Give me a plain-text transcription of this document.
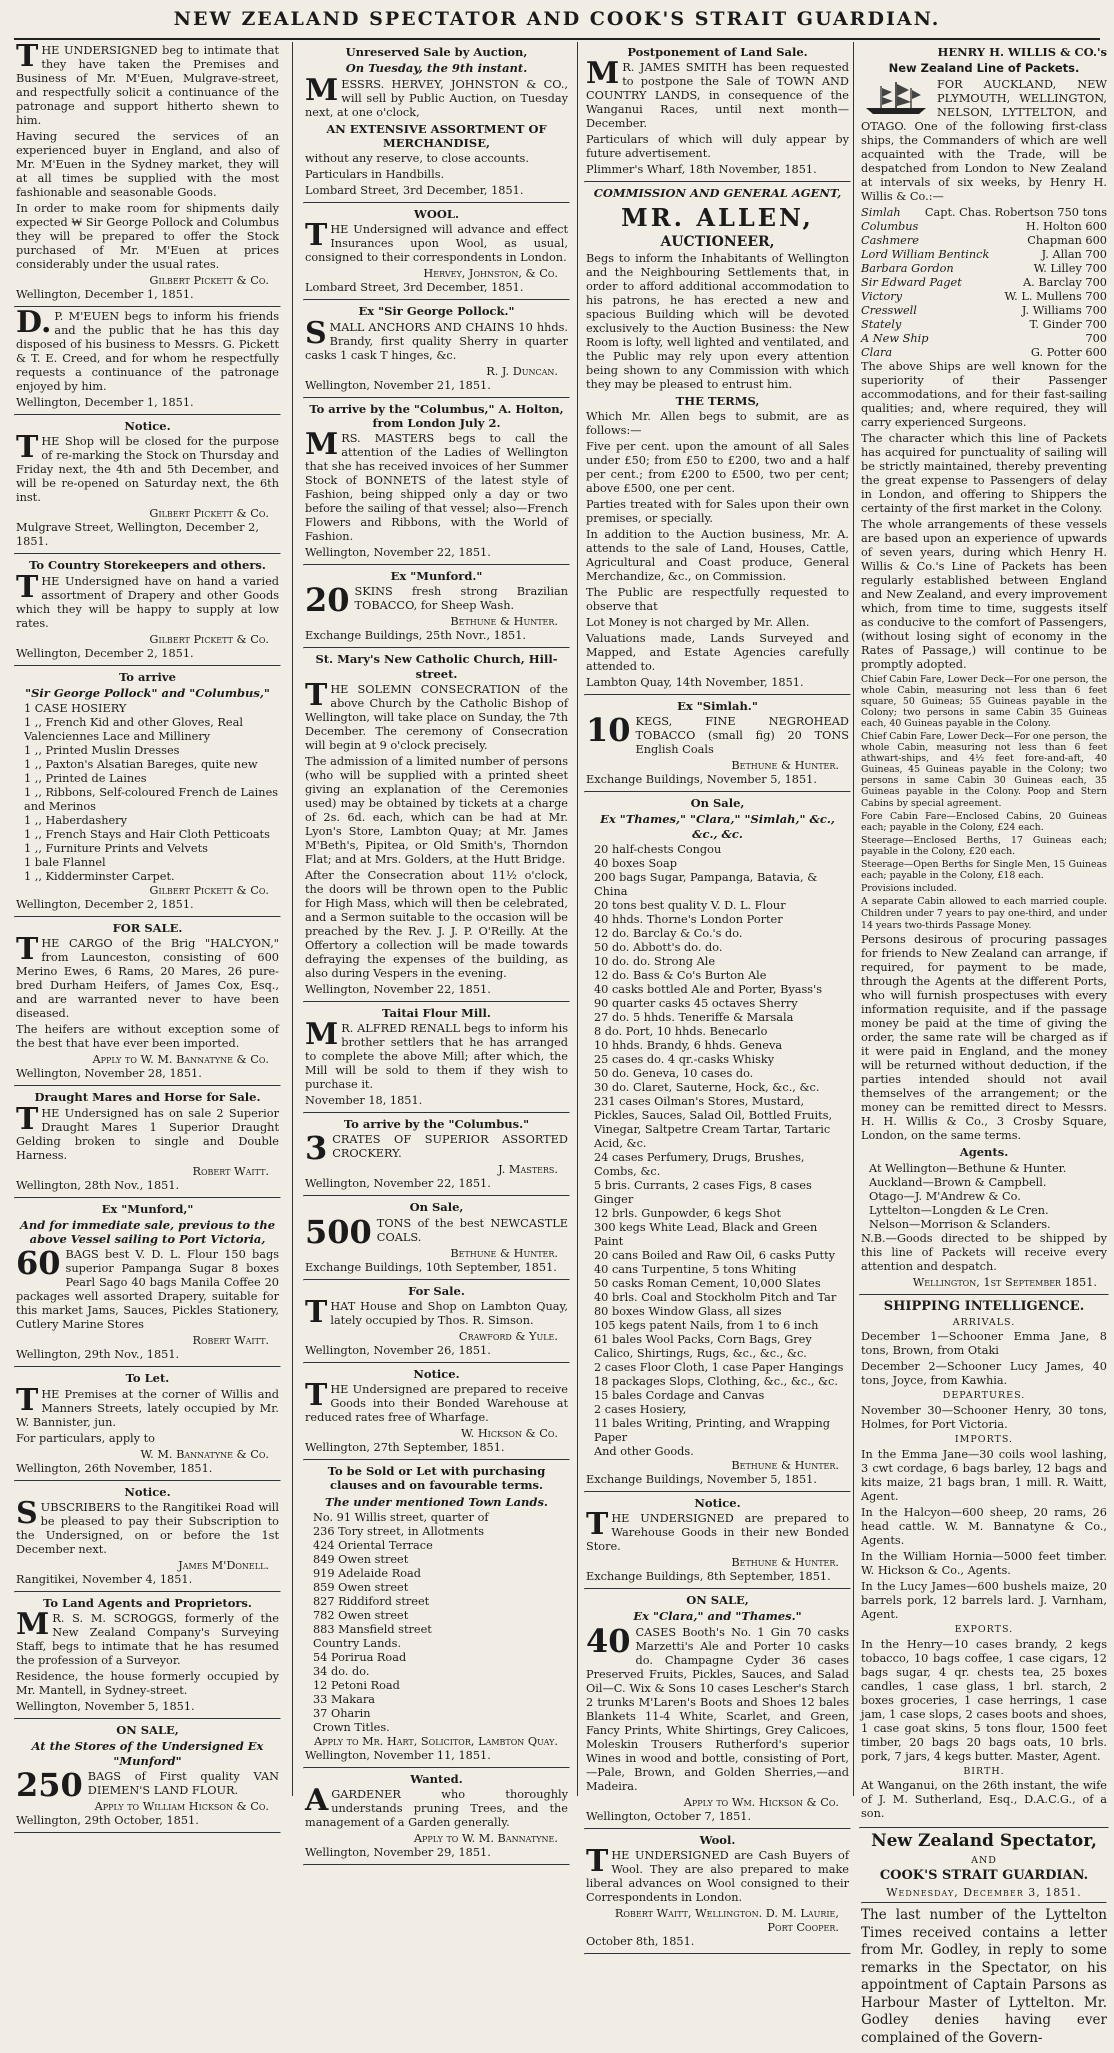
NEW ZEALAND SPECTATOR AND COOK'S STRAIT GUARDIAN.
THE UNDERSIGNED beg to intimate that they have taken the Premises and Business of Mr. M'Euen, Mulgrave-street, and respectfully solicit a continuance of the patronage and support hitherto shewn to him.
Having secured the services of an experienced buyer in England, and also of Mr. M'Euen in the Sydney market, they will at all times be supplied with the most fashionable and seasonable Goods.
In order to make room for shipments daily expected ₩ Sir George Pollock and Columbus they will be prepared to offer the Stock purchased of Mr. M'Euen at prices considerably under the usual rates.
Gilbert Pickett & Co.
Wellington, December 1, 1851.
D. P. M'EUEN begs to inform his friends and the public that he has this day disposed of his business to Messrs. G. Pickett & T. E. Creed, and for whom he respectfully requests a continuance of the patronage enjoyed by him.
Wellington, December 1, 1851.
Notice.
THE Shop will be closed for the purpose of re-marking the Stock on Thursday and Friday next, the 4th and 5th December, and will be re-opened on Saturday next, the 6th inst.
Gilbert Pickett & Co.
Mulgrave Street, Wellington, December 2, 1851.
To Country Storekeepers and others.
THE Undersigned have on hand a varied assortment of Drapery and other Goods which they will be happy to supply at low rates.
Gilbert Pickett & Co.
Wellington, December 2, 1851.
To arrive
"Sir George Pollock" and "Columbus,"
1 CASE HOSIERY
1 ,, French Kid and other Gloves, Real Valenciennes Lace and Millinery
1 ,, Printed Muslin Dresses
1 ,, Paxton's Alsatian Bareges, quite new
1 ,, Printed de Laines
1 ,, Ribbons, Self-coloured French de Laines and Merinos
1 ,, Haberdashery
1 ,, French Stays and Hair Cloth Petticoats
1 ,, Furniture Prints and Velvets
1 bale Flannel
1 ,, Kidderminster Carpet.
Gilbert Pickett & Co.
Wellington, December 2, 1851.
FOR SALE.
THE CARGO of the Brig "HALCYON," from Launceston, consisting of 600 Merino Ewes, 6 Rams, 20 Mares, 26 pure-bred Durham Heifers, of James Cox, Esq., and are warranted never to have been diseased.
The heifers are without exception some of the best that have ever been imported.
Apply to W. M. Bannatyne & Co.
Wellington, November 28, 1851.
Draught Mares and Horse for Sale.
THE Undersigned has on sale 2 Superior Draught Mares 1 Superior Draught Gelding broken to single and Double Harness.
Robert Waitt.
Wellington, 28th Nov., 1851.
Ex "Munford,"
And for immediate sale, previous to the above Vessel sailing to Port Victoria,
60 BAGS best V. D. L. Flour 150 bags superior Pampanga Sugar 8 boxes Pearl Sago 40 bags Manila Coffee 20 packages well assorted Drapery, suitable for this market Jams, Sauces, Pickles Stationery, Cutlery Marine Stores
Robert Waitt.
Wellington, 29th Nov., 1851.
To Let.
THE Premises at the corner of Willis and Manners Streets, lately occupied by Mr. W. Bannister, jun.
For particulars, apply to
W. M. Bannatyne & Co.
Wellington, 26th November, 1851.
Notice.
SUBSCRIBERS to the Rangitikei Road will be pleased to pay their Subscription to the Undersigned, on or before the 1st December next.
James M'Donell.
Rangitikei, November 4, 1851.
To Land Agents and Proprietors.
M R. S. M. SCROGGS, formerly of the New Zealand Company's Surveying Staff, begs to intimate that he has resumed the profession of a Surveyor.
Residence, the house formerly occupied by Mr. Mantell, in Sydney-street.
Wellington, November 5, 1851.
ON SALE,
At the Stores of the Undersigned Ex "Munford"
250 BAGS of First quality VAN DIEMEN'S LAND FLOUR.
Apply to William Hickson & Co.
Wellington, 29th October, 1851.
Unreserved Sale by Auction,
On Tuesday, the 9th instant.
MESSRS. HERVEY, JOHNSTON & CO., will sell by Public Auction, on Tuesday next, at one o'clock,
AN EXTENSIVE ASSORTMENT OF MERCHANDISE,
without any reserve, to close accounts.
Particulars in Handbills.
Lombard Street, 3rd December, 1851.
WOOL.
THE Undersigned will advance and effect Insurances upon Wool, as usual, consigned to their correspondents in London.
Hervey, Johnston, & Co.
Lombard Street, 3rd December, 1851.
Ex "Sir George Pollock."
SMALL ANCHORS AND CHAINS 10 hhds. Brandy, first quality Sherry in quarter casks 1 cask T hinges, &c.
R. J. Duncan.
Wellington, November 21, 1851.
To arrive by the "Columbus," A. Holton, from London July 2.
MRS. MASTERS begs to call the attention of the Ladies of Wellington that she has received invoices of her Summer Stock of BONNETS of the latest style of Fashion, being shipped only a day or two before the sailing of that vessel; also—French Flowers and Ribbons, with the World of Fashion.
Wellington, November 22, 1851.
Ex "Munford."
20 SKINS fresh strong Brazilian TOBACCO, for Sheep Wash.
Bethune & Hunter.
Exchange Buildings, 25th Novr., 1851.
St. Mary's New Catholic Church, Hill-street.
THE SOLEMN CONSECRATION of the above Church by the Catholic Bishop of Wellington, will take place on Sunday, the 7th December. The ceremony of Consecration will begin at 9 o'clock precisely.
The admission of a limited number of persons (who will be supplied with a printed sheet giving an explanation of the Ceremonies used) may be obtained by tickets at a charge of 2s. 6d. each, which can be had at Mr. Lyon's Store, Lambton Quay; at Mr. James M'Beth's, Pipitea, or Old Smith's, Thorndon Flat; and at Mrs. Golders, at the Hutt Bridge.
After the Consecration about 11½ o'clock, the doors will be thrown open to the Public for High Mass, which will then be celebrated, and a Sermon suitable to the occasion will be preached by the Rev. J. J. P. O'Reilly. At the Offertory a collection will be made towards defraying the expenses of the building, as also during Vespers in the evening.
Wellington, November 22, 1851.
Taitai Flour Mill.
M R. ALFRED RENALL begs to inform his brother settlers that he has arranged to complete the above Mill; after which, the Mill will be sold to them if they wish to purchase it.
November 18, 1851.
To arrive by the "Columbus."
3 CRATES OF SUPERIOR ASSORTED CROCKERY.
J. Masters.
Wellington, November 22, 1851.
On Sale,
500 TONS of the best NEWCASTLE COALS.
Bethune & Hunter.
Exchange Buildings, 10th September, 1851.
For Sale.
THAT House and Shop on Lambton Quay, lately occupied by Thos. R. Simson.
Crawford & Yule.
Wellington, November 26, 1851.
Notice.
THE Undersigned are prepared to receive Goods into their Bonded Warehouse at reduced rates free of Wharfage.
W. Hickson & Co.
Wellington, 27th September, 1851.
To be Sold or Let with purchasing clauses and on favourable terms.
The under mentioned Town Lands.
No. 91 Willis street, quarter of
236 Tory street, in Allotments
424 Oriental Terrace
849 Owen street
919 Adelaide Road
859 Owen street
827 Riddiford street
782 Owen street
883 Mansfield street
Country Lands.
54 Porirua Road
34 do. do.
12 Petoni Road
33 Makara
37 Oharin
Crown Titles.
Apply to Mr. Hart, Solicitor, Lambton Quay.
Wellington, November 11, 1851.
Wanted.
AGARDENER who thoroughly understands pruning Trees, and the management of a Garden generally.
Apply to W. M. Bannatyne.
Wellington, November 29, 1851.
Postponement of Land Sale.
M R. JAMES SMITH has been requested to postpone the Sale of TOWN AND COUNTRY LANDS, in consequence of the Wanganui Races, until next month—December.
Particulars of which will duly appear by future advertisement.
Plimmer's Wharf, 18th November, 1851.
COMMISSION AND GENERAL AGENT,
MR. ALLEN,
AUCTIONEER,
Begs to inform the Inhabitants of Wellington and the Neighbouring Settlements that, in order to afford additional accommodation to his patrons, he has erected a new and spacious Building which will be devoted exclusively to the Auction Business: the New Room is lofty, well lighted and ventilated, and the Public may rely upon every attention being shown to any Commission with which they may be pleased to entrust him.
THE TERMS,
Which Mr. Allen begs to submit, are as follows:—
Five per cent. upon the amount of all Sales under £50; from £50 to £200, two and a half per cent.; from £200 to £500, two per cent; above £500, one per cent.
Parties treated with for Sales upon their own premises, or specially.
In addition to the Auction business, Mr. A. attends to the sale of Land, Houses, Cattle, Agricultural and Coast produce, General Merchandize, &c., on Commission.
The Public are respectfully requested to observe that
Lot Money is not charged by Mr. Allen.
Valuations made, Lands Surveyed and Mapped, and Estate Agencies carefully attended to.
Lambton Quay, 14th November, 1851.
Ex "Simlah."
10 KEGS, FINE NEGROHEAD TOBACCO (small fig) 20 TONS English Coals
Bethune & Hunter.
Exchange Buildings, November 5, 1851.
On Sale,
Ex "Thames," "Clara," "Simlah," &c., &c., &c.
20 half-chests Congou
40 boxes Soap
200 bags Sugar, Pampanga, Batavia, & China
20 tons best quality V. D. L. Flour
40 hhds. Thorne's London Porter
12 do. Barclay & Co.'s do.
50 do. Abbott's do. do.
10 do. do. Strong Ale
12 do. Bass & Co's Burton Ale
40 casks bottled Ale and Porter, Byass's
90 quarter casks 45 octaves Sherry
27 do. 5 hhds. Teneriffe & Marsala
8 do. Port, 10 hhds. Benecarlo
10 hhds. Brandy, 6 hhds. Geneva
25 cases do. 4 qr.-casks Whisky
50 do. Geneva, 10 cases do.
30 do. Claret, Sauterne, Hock, &c., &c.
231 cases Oilman's Stores, Mustard, Pickles, Sauces, Salad Oil, Bottled Fruits, Vinegar, Saltpetre Cream Tartar, Tartaric Acid, &c.
24 cases Perfumery, Drugs, Brushes, Combs, &c.
5 bris. Currants, 2 cases Figs, 8 cases Ginger
12 brls. Gunpowder, 6 kegs Shot
300 kegs White Lead, Black and Green Paint
20 cans Boiled and Raw Oil, 6 casks Putty
40 cans Turpentine, 5 tons Whiting
50 casks Roman Cement, 10,000 Slates
40 brls. Coal and Stockholm Pitch and Tar
80 boxes Window Glass, all sizes
105 kegs patent Nails, from 1 to 6 inch
61 bales Wool Packs, Corn Bags, Grey Calico, Shirtings, Rugs, &c., &c., &c.
2 cases Floor Cloth, 1 case Paper Hangings
18 packages Slops, Clothing, &c., &c., &c.
15 bales Cordage and Canvas
2 cases Hosiery,
11 bales Writing, Printing, and Wrapping Paper
And other Goods.
Bethune & Hunter.
Exchange Buildings, November 5, 1851.
Notice.
THE UNDERSIGNED are prepared to Warehouse Goods in their new Bonded Store.
Bethune & Hunter.
Exchange Buildings, 8th September, 1851.
ON SALE,
Ex "Clara," and "Thames."
40 CASES Booth's No. 1 Gin 70 casks Marzetti's Ale and Porter 10 casks do. Champagne Cyder 36 cases Preserved Fruits, Pickles, Sauces, and Salad Oil—C. Wix & Sons 10 cases Lescher's Starch 2 trunks M'Laren's Boots and Shoes 12 bales Blankets 11-4 White, Scarlet, and Green, Fancy Prints, White Shirtings, Grey Calicoes, Moleskin Trousers Rutherford's superior Wines in wood and bottle, consisting of Port,—Pale, Brown, and Golden Sherries,—and Madeira.
Apply to Wm. Hickson & Co.
Wellington, October 7, 1851.
Wool.
THE UNDERSIGNED are Cash Buyers of Wool. They are also prepared to make liberal advances on Wool consigned to their Correspondents in London.
Robert Waitt, Wellington. D. M. Laurie, Port Cooper.
October 8th, 1851.
HENRY H. WILLIS & CO.'s
New Zealand Line of Packets.
FOR AUCKLAND, NEW PLYMOUTH, WELLINGTON, NELSON, LYTTELTON, and OTAGO. One of the following first-class ships, the Commanders of which are well acquainted with the Trade, will be despatched from London to New Zealand at intervals of six weeks, by Henry H. Willis & Co.:—
Simlah Capt. Chas. Robertson 750 tons
Columbus	H. Holton 600
Cashmere	Chapman 600
Lord William Bentinck	J. Allan 700
Barbara Gordon	W. Lilley 700
Sir Edward Paget	A. Barclay 700
Victory	W. L. Mullens 700
Cresswell	J. Williams 700
Stately	T. Ginder 700
A New Ship	700
Clara	G. Potter 600
The above Ships are well known for the superiority of their Passenger accommodations, and for their fast-sailing qualities; and, where required, they will carry experienced Surgeons.
The character which this line of Packets has acquired for punctuality of sailing will be strictly maintained, thereby preventing the great expense to Passengers of delay in London, and offering to Shippers the certainty of the first market in the Colony.
The whole arrangements of these vessels are based upon an experience of upwards of seven years, during which Henry H. Willis & Co.'s Line of Packets has been regularly established between England and New Zealand, and every improvement which, from time to time, suggests itself as conducive to the comfort of Passengers, (without losing sight of economy in the Rates of Passage,) will continue to be promptly adopted.
Chief Cabin Fare, Lower Deck—For one person, the whole Cabin, measuring not less than 6 feet square, 50 Guineas; 55 Guineas payable in the Colony; two persons in same Cabin 35 Guineas each, 40 Guineas payable in the Colony.
Chief Cabin Fare, Lower Deck—For one person, the whole Cabin, measuring not less than 6 feet athwart-ships, and 4½ feet fore-and-aft, 40 Guineas, 45 Guineas payable in the Colony; two persons in same Cabin 30 Guineas each, 35 Guineas payable in the Colony. Poop and Stern Cabins by special agreement.
Fore Cabin Fare—Enclosed Cabins, 20 Guineas each; payable in the Colony, £24 each.
Steerage—Enclosed Berths, 17 Guineas each; payable in the Colony, £20 each.
Steerage—Open Berths for Single Men, 15 Guineas each; payable in the Colony, £18 each.
Provisions included.
A separate Cabin allowed to each married couple. Children under 7 years to pay one-third, and under 14 years two-thirds Passage Money.
Persons desirous of procuring passages for friends to New Zealand can arrange, if required, for payment to be made, through the Agents at the different Ports, who will furnish prospectuses with every information requisite, and if the passage money be paid at the time of giving the order, the same rate will be charged as if it were paid in England, and the money will be returned without deduction, if the parties intended should not avail themselves of the arrangement; or the money can be remitted direct to Messrs. H. H. Willis & Co., 3 Crosby Square, London, on the same terms.
Agents.
At Wellington—Bethune & Hunter.
Auckland—Brown & Campbell.
Otago—J. M'Andrew & Co.
Lyttelton—Longden & Le Cren.
Nelson—Morrison & Sclanders.
N.B.—Goods directed to be shipped by this line of Packets will receive every attention and despatch.
Wellington, 1st September 1851.
SHIPPING INTELLIGENCE.
ARRIVALS.
December 1—Schooner Emma Jane, 8 tons, Brown, from Otaki
December 2—Schooner Lucy James, 40 tons, Joyce, from Kawhia.
DEPARTURES.
November 30—Schooner Henry, 30 tons, Holmes, for Port Victoria.
IMPORTS.
In the Emma Jane—30 coils wool lashing, 3 cwt cordage, 6 bags barley, 12 bags and kits maize, 21 bags bran, 1 mill. R. Waitt, Agent.
In the Halcyon—600 sheep, 20 rams, 26 head cattle. W. M. Bannatyne & Co., Agents.
In the William Hornia—5000 feet timber. W. Hickson & Co., Agents.
In the Lucy James—600 bushels maize, 20 barrels pork, 12 barrels lard. J. Varnham, Agent.
EXPORTS.
In the Henry—10 cases brandy, 2 kegs tobacco, 10 bags coffee, 1 case cigars, 12 bags sugar, 4 qr. chests tea, 25 boxes candles, 1 case glass, 1 brl. starch, 2 boxes groceries, 1 case herrings, 1 case jam, 1 case slops, 2 cases boots and shoes, 1 case goat skins, 5 tons flour, 1500 feet timber, 20 bags 20 bags oats, 10 brls. pork, 7 jars, 4 kegs butter. Master, Agent.
BIRTH.
At Wanganui, on the 26th instant, the wife of J. M. Sutherland, Esq., D.A.C.G., of a son.
New Zealand Spectator,
AND
COOK'S STRAIT GUARDIAN.
Wednesday, December 3, 1851.
The last number of the Lyttelton Times received contains a letter from Mr. Godley, in reply to some remarks in the Spectator, on his appointment of Captain Parsons as Harbour Master of Lyttelton. Mr. Godley denies having ever complained of the Govern-
